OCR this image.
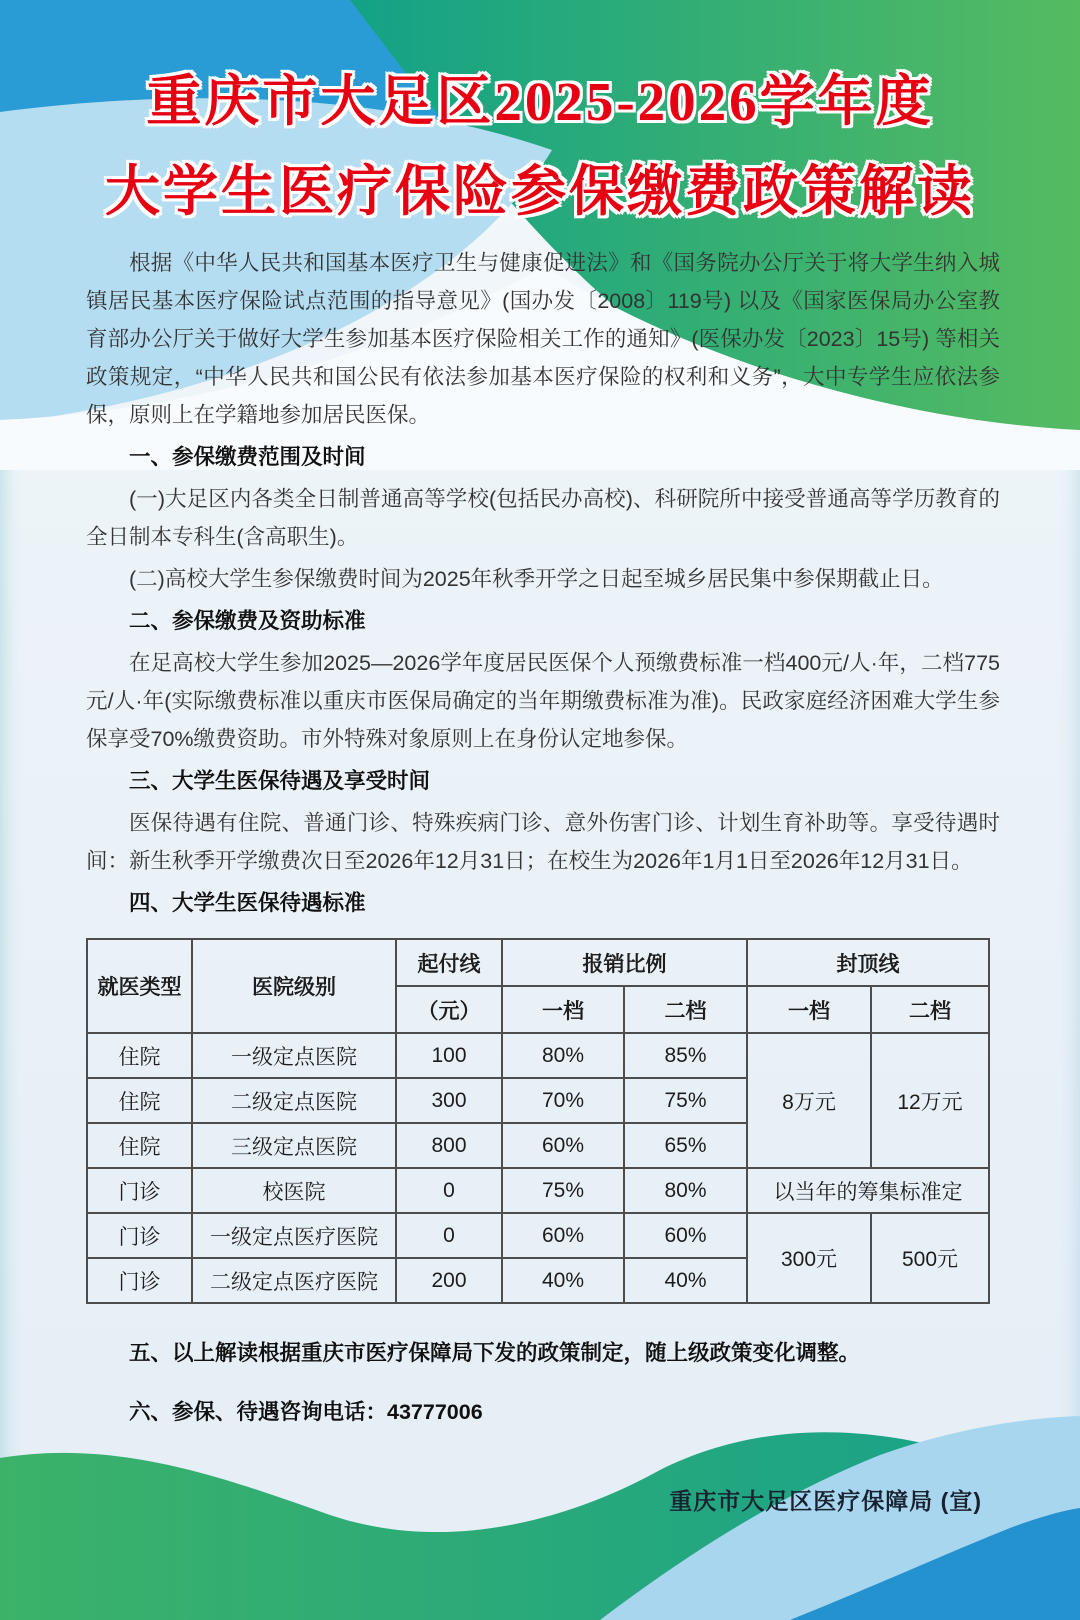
重庆市大足区2025-2026学年度
大学生医疗保险参保缴费政策解读

根据《中华人民共和国基本医疗卫生与健康促进法》和《国务院办公厅关于将大学生纳入城镇居民基本医疗保险试点范围的指导意见》(国办发〔2008〕119号) 以及《国家医保局办公室教育部办公厅关于做好大学生参加基本医疗保险相关工作的通知》(医保办发〔2023〕15号) 等相关政策规定，“中华人民共和国公民有依法参加基本医疗保险的权利和义务”，大中专学生应依法参保，原则上在学籍地参加居民医保。

一、参保缴费范围及时间

(一)大足区内各类全日制普通高等学校(包括民办高校)、科研院所中接受普通高等学历教育的全日制本专科生(含高职生)。

(二)高校大学生参保缴费时间为2025年秋季开学之日起至城乡居民集中参保期截止日。

二、参保缴费及资助标准

在足高校大学生参加2025—2026学年度居民医保个人预缴费标准一档400元/人·年，二档775元/人·年(实际缴费标准以重庆市医保局确定的当年期缴费标准为准)。民政家庭经济困难大学生参保享受70%缴费资助。市外特殊对象原则上在身份认定地参保。

三、大学生医保待遇及享受时间

医保待遇有住院、普通门诊、特殊疾病门诊、意外伤害门诊、计划生育补助等。享受待遇时间：新生秋季开学缴费次日至2026年12月31日；在校生为2026年1月1日至2026年12月31日。

四、大学生医保待遇标准
就医类型	医院级别	起付线	报销比例		封顶线	
		（元）	一档	二档	一档	二档
住院	一级定点医院	100	80%	85%	8万元	12万元
住院	二级定点医院	300	70%	75%		
住院	三级定点医院	800	60%	65%		
门诊	校医院	0	75%	80%	以当年的筹集标准定	
门诊	一级定点医疗医院	0	60%	60%	300元	500元
门诊	二级定点医疗医院	200	40%	40%		

五、以上解读根据重庆市医疗保障局下发的政策制定，随上级政策变化调整。

六、参保、待遇咨询电话：43777006

重庆市大足区医疗保障局 (宣)
